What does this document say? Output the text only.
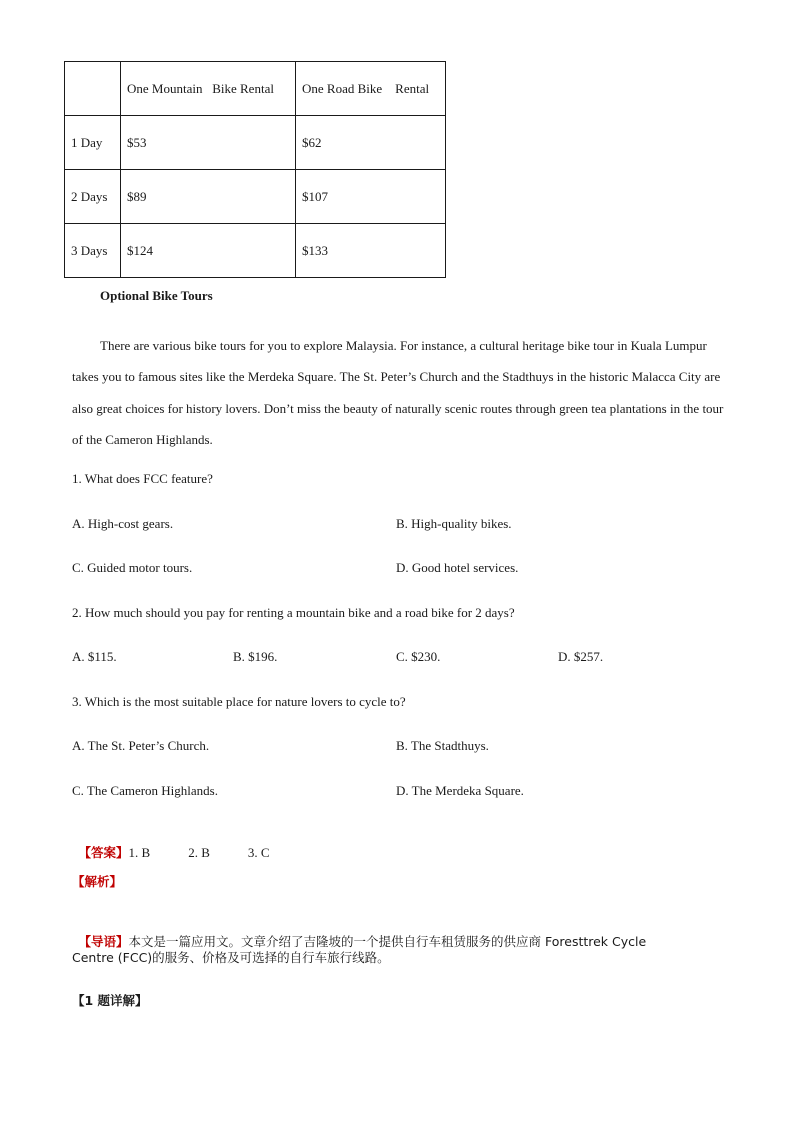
	One Mountain   Bike Rental	One Road Bike    Rental
1 Day	$53	$62
2 Days	$89	$107
3 Days	$124	$133
Optional Bike Tours
There are various bike tours for you to explore Malaysia. For instance, a cultural heritage bike tour in Kuala Lumpur takes you to famous sites like the Merdeka Square. The St. Peter’s Church and the Stadthuys in the historic Malacca City are also great choices for history lovers. Don’t miss the beauty of naturally scenic routes through green tea plantations in the tour of the Cameron Highlands.
1. What does FCC feature?
A. High-cost gears.	B. High-quality bikes.
C. Guided motor tours.	D. Good hotel services.
2. How much should you pay for renting a mountain bike and a road bike for 2 days?
A. $115.	B. $196.	C. $230.	D. $257.
3. Which is the most suitable place for nature lovers to cycle to?
A. The St. Peter’s Church.	B. The Stadthuys.
C. The Cameron Highlands.	D. The Merdeka Square.

【答案】1. B	2. B	3. C

【解析】

【导语】本文是一篇应用文。文章介绍了吉隆坡的一个提供自行车租赁服务的供应商 Foresttrek Cycle

Centre (FCC)的服务、价格及可选择的自行车旅行线路。
【1 题详解】
